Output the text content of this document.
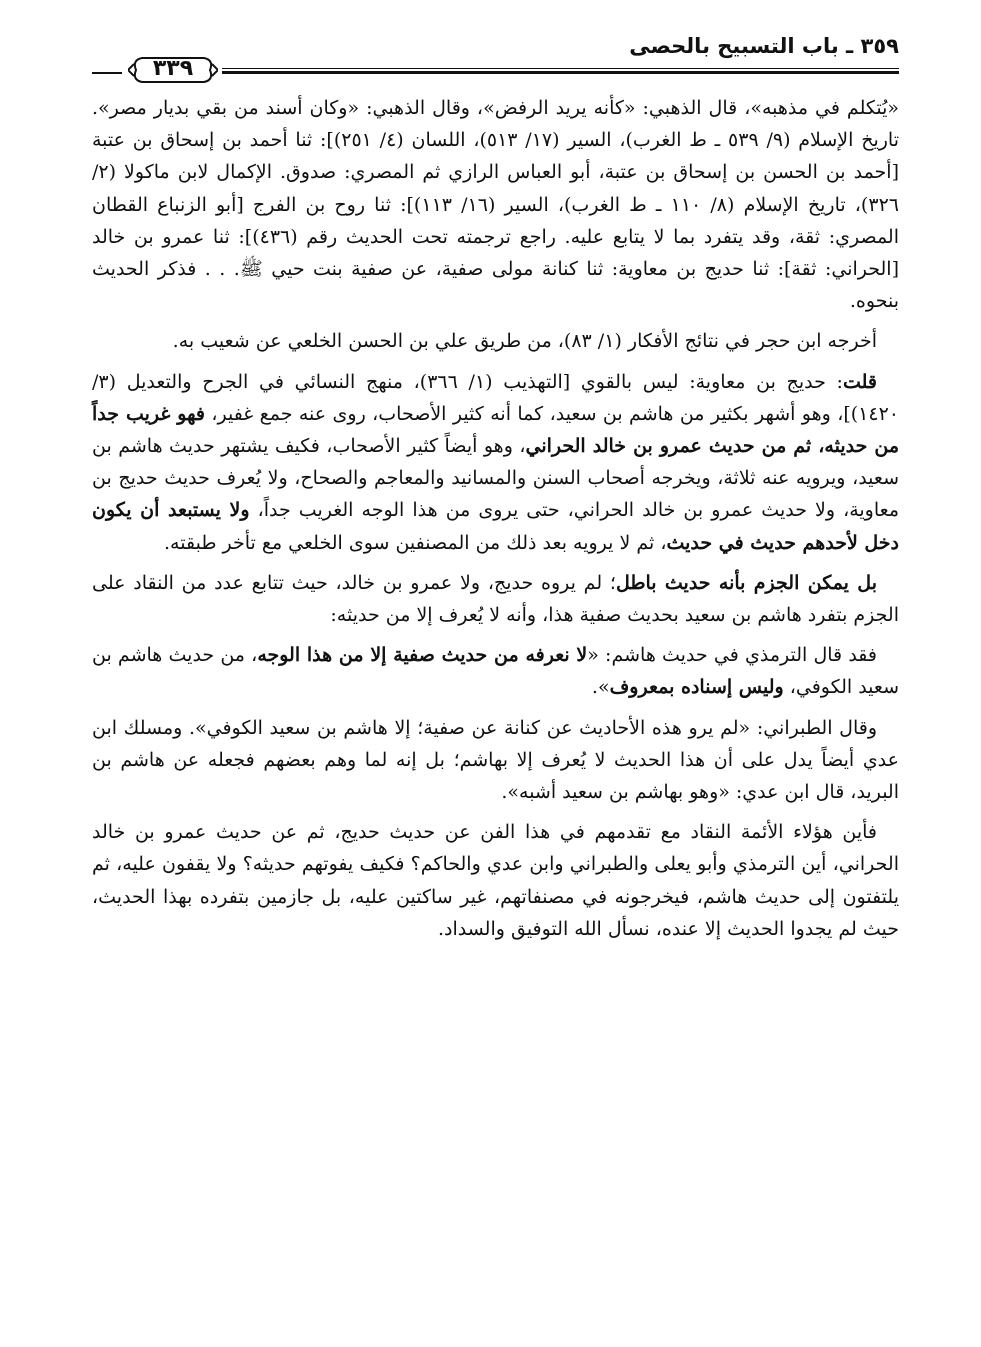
٣٥٩ ـ باب التسبيح بالحصى
٣٣٩

«يُتكلم في مذهبه»، قال الذهبي: «كأنه يريد الرفض»، وقال الذهبي: «وكان أسند من بقي بديار مصر». تاريخ الإسلام (٩/ ٥٣٩ ـ ط الغرب)، السير (١٧/ ٥١٣)، اللسان (٤/ ٢٥١)]: ثنا أحمد بن إسحاق بن عتبة [أحمد بن الحسن بن إسحاق بن عتبة، أبو العباس الرازي ثم المصري: صدوق. الإكمال لابن ماكولا (٢/ ٣٢٦)، تاريخ الإسلام (٨/ ١١٠ ـ ط الغرب)، السير (١٦/ ١١٣)]: ثنا روح بن الفرج [أبو الزنباع القطان المصري: ثقة، وقد يتفرد بما لا يتابع عليه. راجع ترجمته تحت الحديث رقم (٤٣٦)]: ثنا عمرو بن خالد [الحراني: ثقة]: ثنا حديج بن معاوية: ثنا كنانة مولى صفية، عن صفية بنت حيي ﷺ. . . فذكر الحديث بنحوه.

أخرجه ابن حجر في نتائج الأفكار (١/ ٨٣)، من طريق علي بن الحسن الخلعي عن شعيب به.

قلت: حديج بن معاوية: ليس بالقوي [التهذيب (١/ ٣٦٦)، منهج النسائي في الجرح والتعديل (٣/ ١٤٢٠)]، وهو أشهر بكثير من هاشم بن سعيد، كما أنه كثير الأصحاب، روى عنه جمع غفير، فهو غريب جداً من حديثه، ثم من حديث عمرو بن خالد الحراني، وهو أيضاً كثير الأصحاب، فكيف يشتهر حديث هاشم بن سعيد، ويرويه عنه ثلاثة، ويخرجه أصحاب السنن والمسانيد والمعاجم والصحاح، ولا يُعرف حديث حديج بن معاوية، ولا حديث عمرو بن خالد الحراني، حتى يروى من هذا الوجه الغريب جداً، ولا يستبعد أن يكون دخل لأحدهم حديث في حديث، ثم لا يرويه بعد ذلك من المصنفين سوى الخلعي مع تأخر طبقته.

بل يمكن الجزم بأنه حديث باطل؛ لم يروه حديج، ولا عمرو بن خالد، حيث تتابع عدد من النقاد على الجزم بتفرد هاشم بن سعيد بحديث صفية هذا، وأنه لا يُعرف إلا من حديثه:

فقد قال الترمذي في حديث هاشم: «لا نعرفه من حديث صفية إلا من هذا الوجه، من حديث هاشم بن سعيد الكوفي، وليس إسناده بمعروف».

وقال الطبراني: «لم يرو هذه الأحاديث عن كنانة عن صفية؛ إلا هاشم بن سعيد الكوفي». ومسلك ابن عدي أيضاً يدل على أن هذا الحديث لا يُعرف إلا بهاشم؛ بل إنه لما وهم بعضهم فجعله عن هاشم بن البريد، قال ابن عدي: «وهو بهاشم بن سعيد أشبه».

فأين هؤلاء الأئمة النقاد مع تقدمهم في هذا الفن عن حديث حديج، ثم عن حديث عمرو بن خالد الحراني، أين الترمذي وأبو يعلى والطبراني وابن عدي والحاكم؟ فكيف يفوتهم حديثه؟ ولا يقفون عليه، ثم يلتفتون إلى حديث هاشم، فيخرجونه في مصنفاتهم، غير ساكتين عليه، بل جازمين بتفرده بهذا الحديث، حيث لم يجدوا الحديث إلا عنده، نسأل الله التوفيق والسداد.
